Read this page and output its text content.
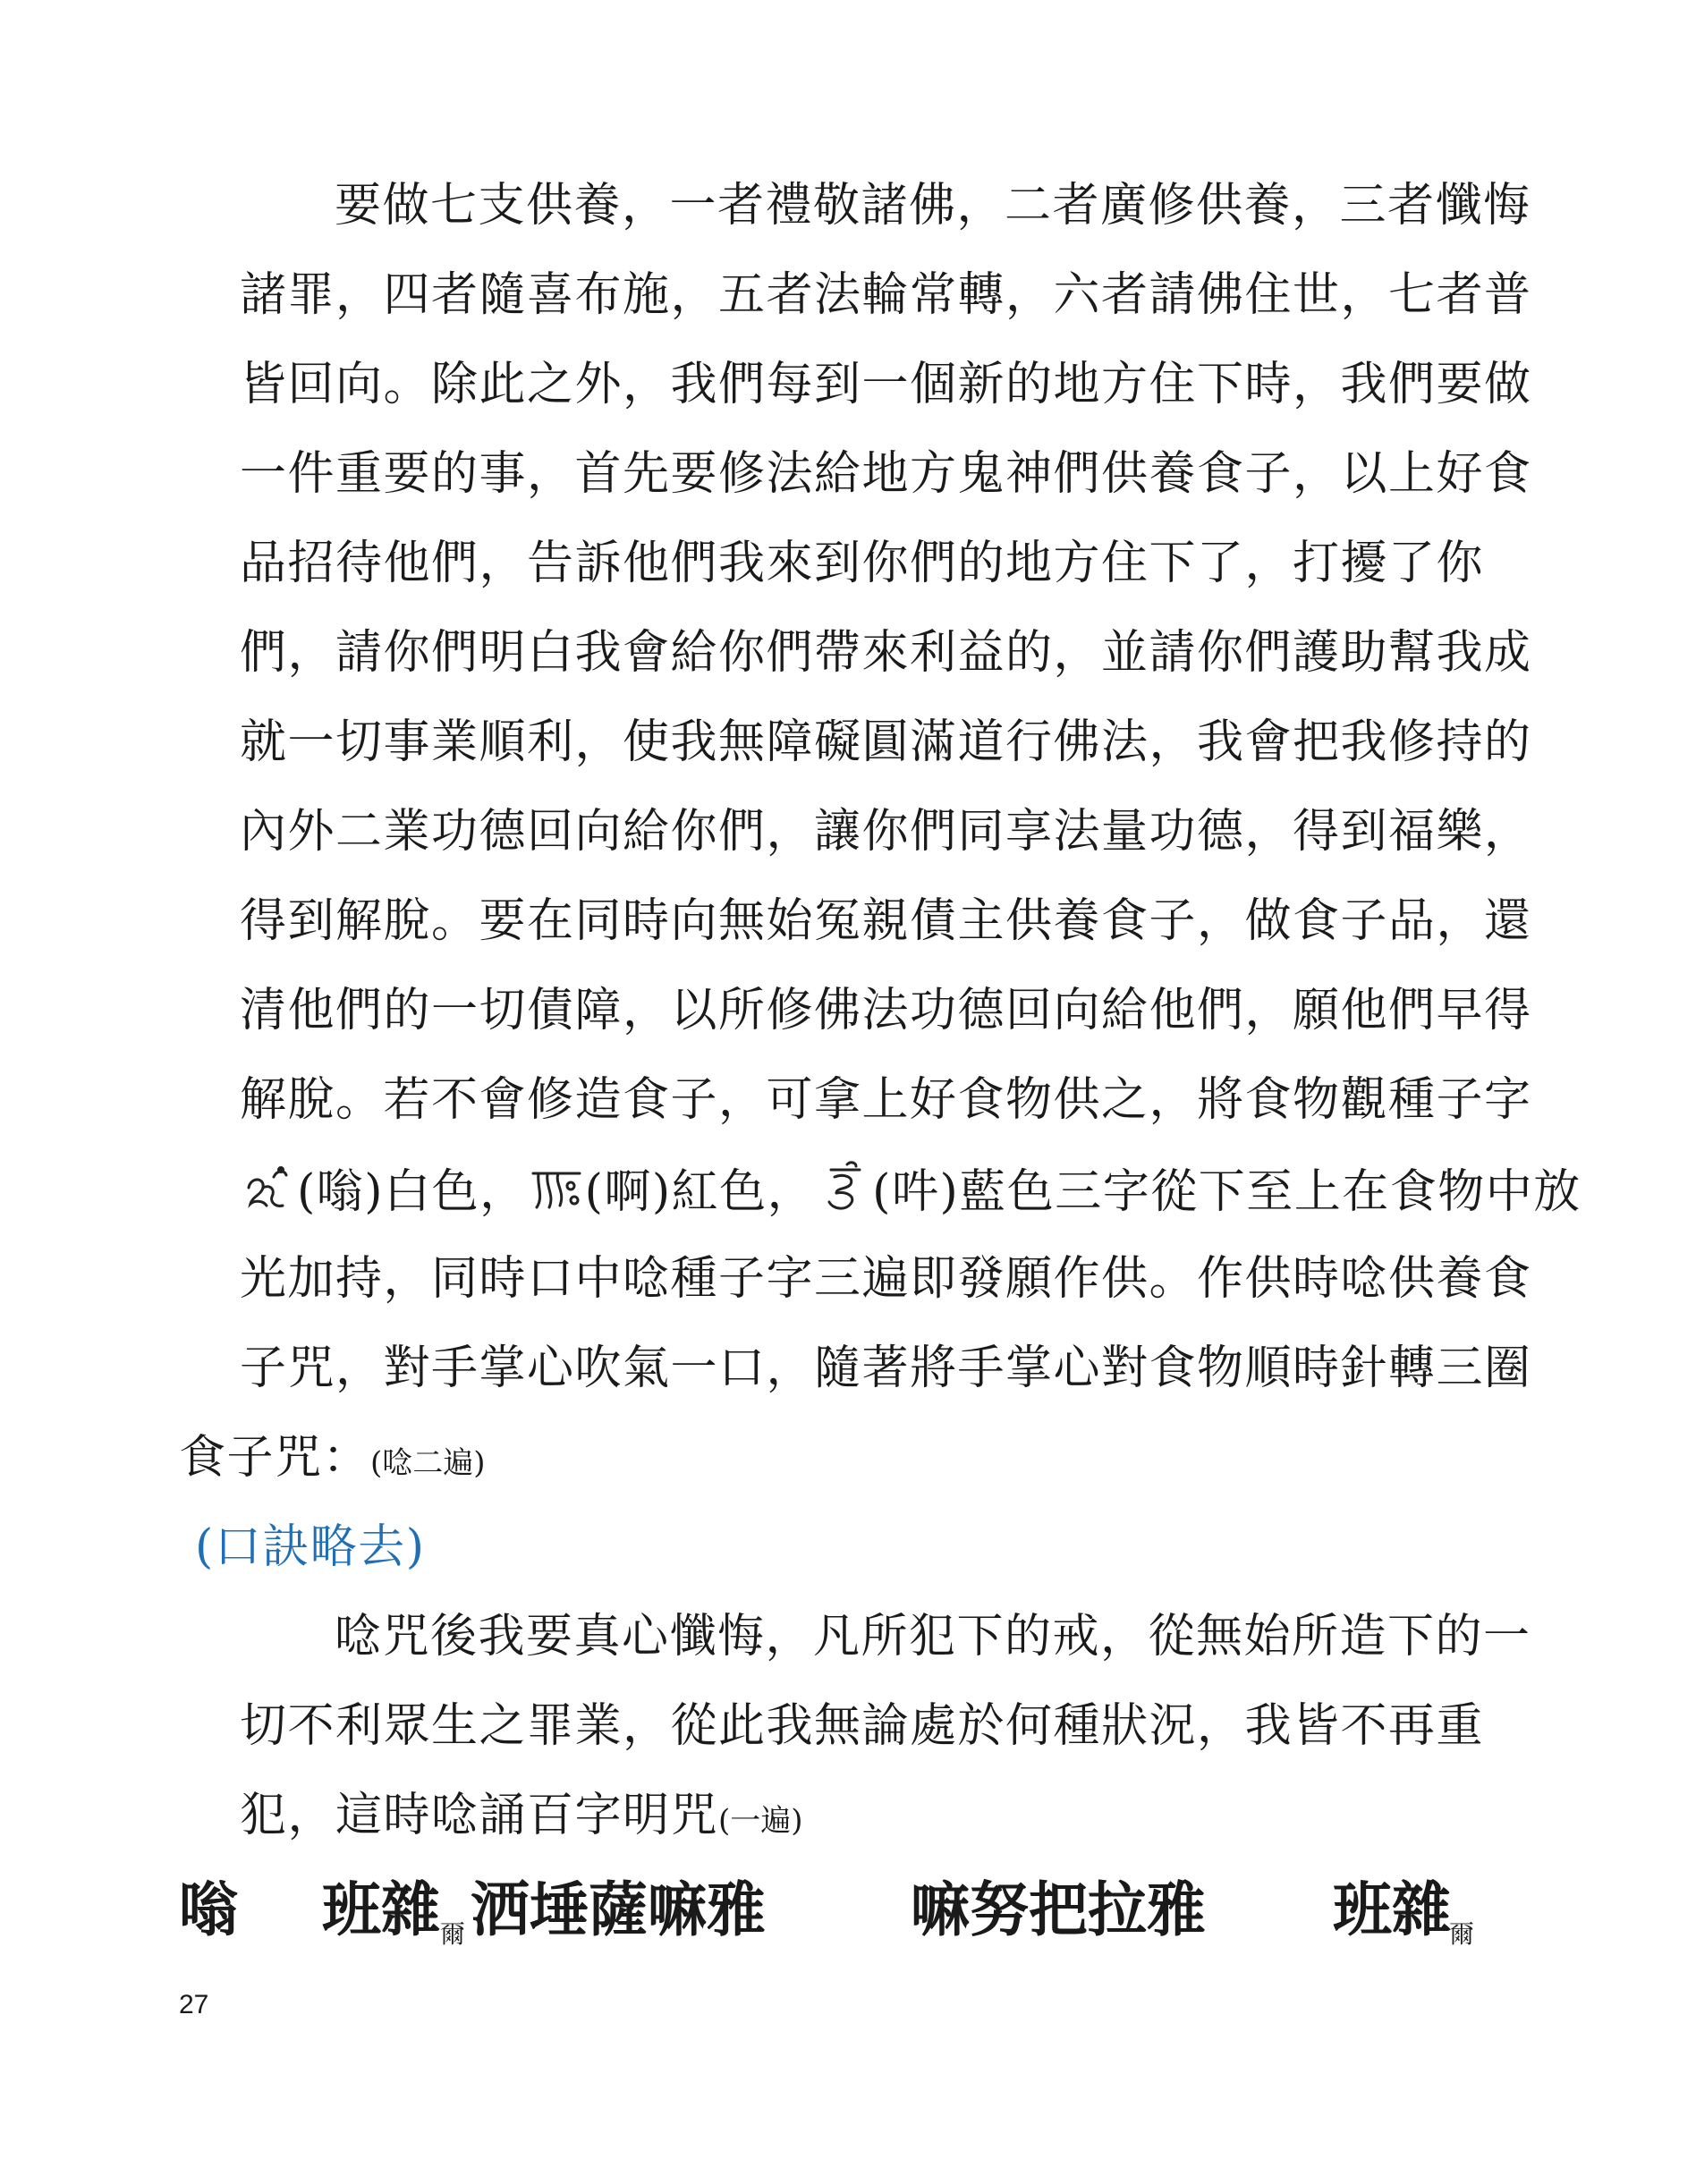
要做七支供養，一者禮敬諸佛，二者廣修供養，三者懺悔
諸罪，四者隨喜布施，五者法輪常轉，六者請佛住世，七者普
皆回向。除此之外，我們每到一個新的地方住下時，我們要做
一件重要的事，首先要修法給地方鬼神們供養食子，以上好食
品招待他們，告訴他們我來到你們的地方住下了，打擾了你
們，請你們明白我會給你們帶來利益的，並請你們護助幫我成
就一切事業順利，使我無障礙圓滿道行佛法，我會把我修持的
內外二業功德回向給你們，讓你們同享法量功德，得到福樂，
得到解脫。要在同時向無始冤親債主供養食子，做食子品，還
清他們的一切債障，以所修佛法功德回向給他們，願他們早得
解脫。若不會修造食子，可拿上好食物供之，將食物觀種子字
(嗡)白色， (啊)紅色， (吽)藍色三字從下至上在食物中放
光加持，同時口中唸種子字三遍即發願作供。作供時唸供養食
子咒，對手掌心吹氣一口，隨著將手掌心對食物順時針轉三圈
食子咒：(唸二遍)
(口訣略去)
唸咒後我要真心懺悔，凡所犯下的戒，從無始所造下的一
切不利眾生之罪業，從此我無論處於何種狀況，我皆不再重
犯，這時唸誦百字明咒(一遍)
嗡 班雜 爾 洒埵薩嘛雅 嘛努把拉雅 班雜
爾
27
